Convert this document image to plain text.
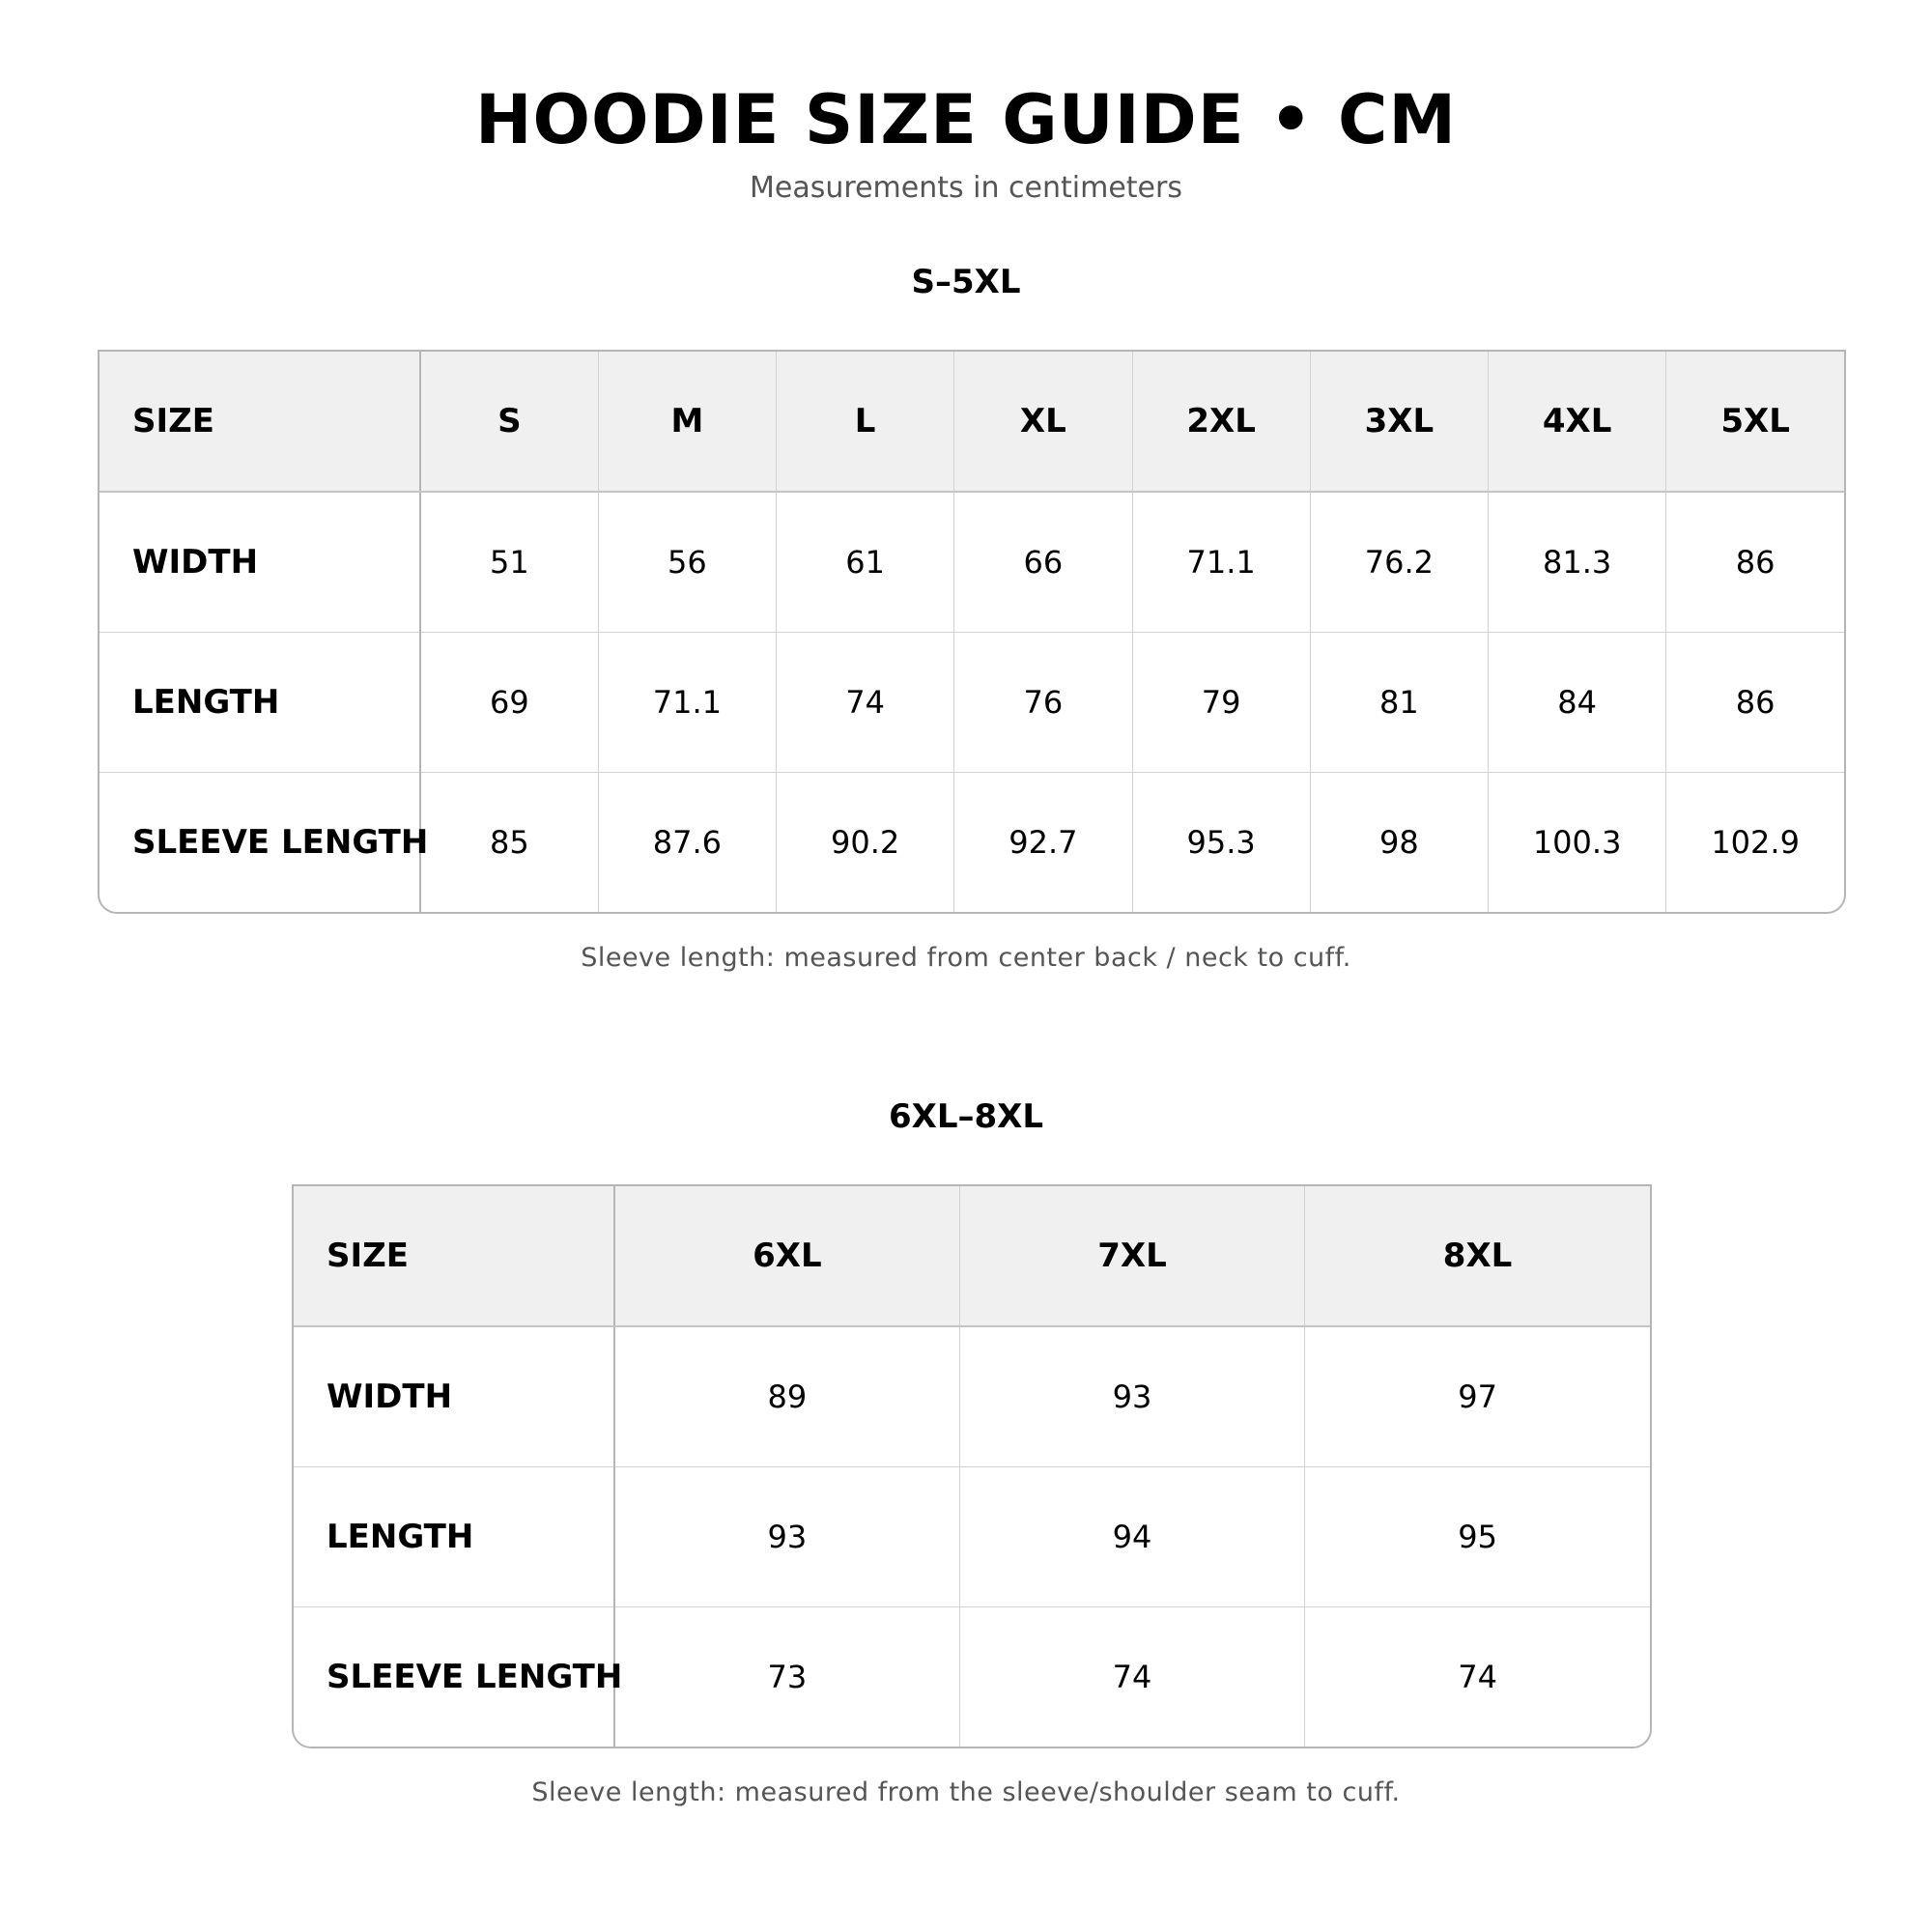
HOODIE SIZE GUIDE • CM
Measurements in centimeters
S–5XL
SIZE	S	M	L	XL	2XL	3XL	4XL	5XL
WIDTH	51	56	61	66	71.1	76.2	81.3	86
LENGTH	69	71.1	74	76	79	81	84	86
SLEEVE LENGTH	85	87.6	90.2	92.7	95.3	98	100.3	102.9
Sleeve length: measured from center back / neck to cuff.
6XL–8XL
SIZE	6XL	7XL	8XL
WIDTH	89	93	97
LENGTH	93	94	95
SLEEVE LENGTH	73	74	74
Sleeve length: measured from the sleeve/shoulder seam to cuff.
